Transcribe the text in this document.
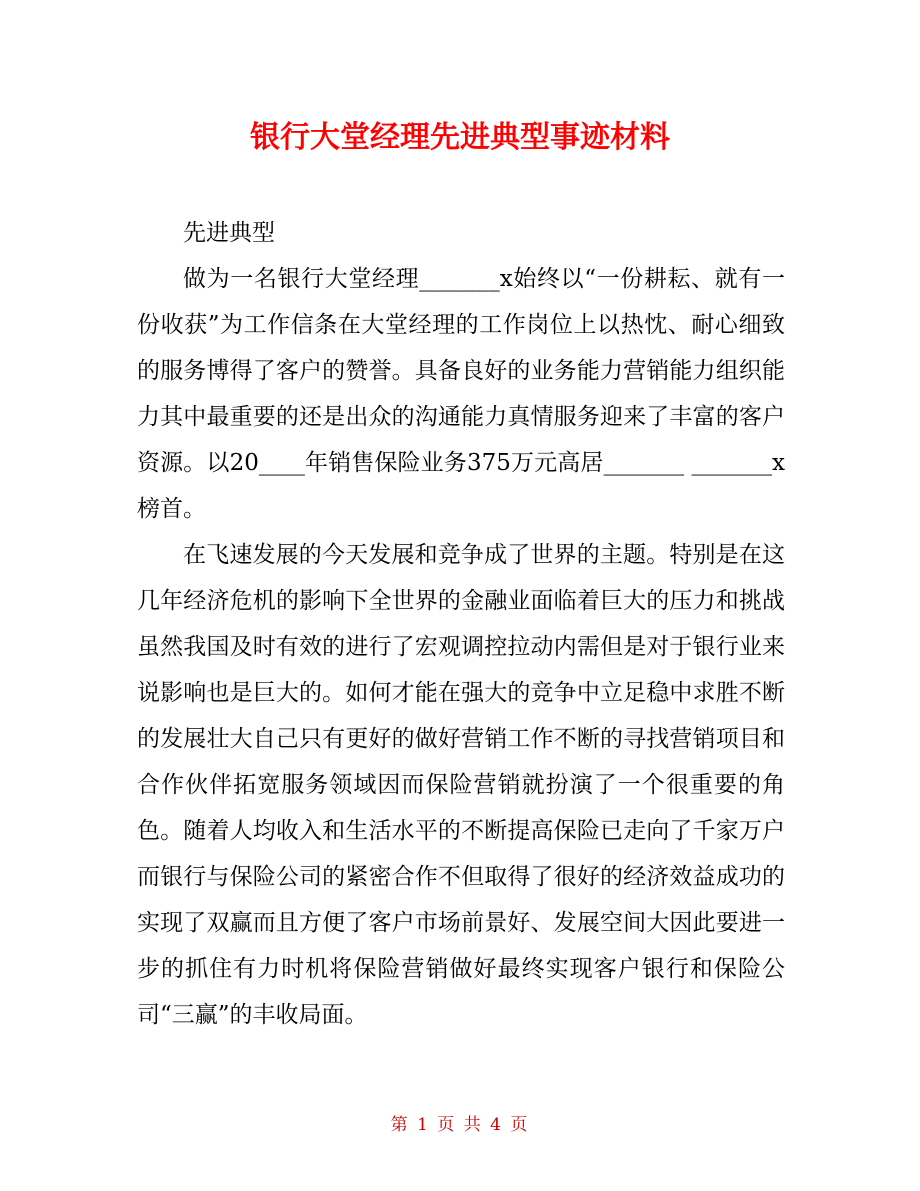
银行大堂经理先进典型事迹材料

先进典型

做为一名银行大堂经理_______x始终以“一份耕耘、就有一份收获”为工作信条在大堂经理的工作岗位上以热忱、耐心细致的服务博得了客户的赞誉。具备良好的业务能力营销能力组织能力其中最重要的还是出众的沟通能力真情服务迎来了丰富的客户资源。以20____年销售保险业务375万元高居_______ _______x榜首。

在飞速发展的今天发展和竞争成了世界的主题。特别是在这几年经济危机的影响下全世界的金融业面临着巨大的压力和挑战虽然我国及时有效的进行了宏观调控拉动内需但是对于银行业来说影响也是巨大的。如何才能在强大的竞争中立足稳中求胜不断的发展壮大自己只有更好的做好营销工作不断的寻找营销项目和合作伙伴拓宽服务领域因而保险营销就扮演了一个很重要的角色。随着人均收入和生活水平的不断提高保险已走向了千家万户而银行与保险公司的紧密合作不但取得了很好的经济效益成功的实现了双赢而且方便了客户市场前景好、发展空间大因此要进一步的抓住有力时机将保险营销做好最终实现客户银行和保险公司“三赢”的丰收局面。

第 1 页 共 4 页
